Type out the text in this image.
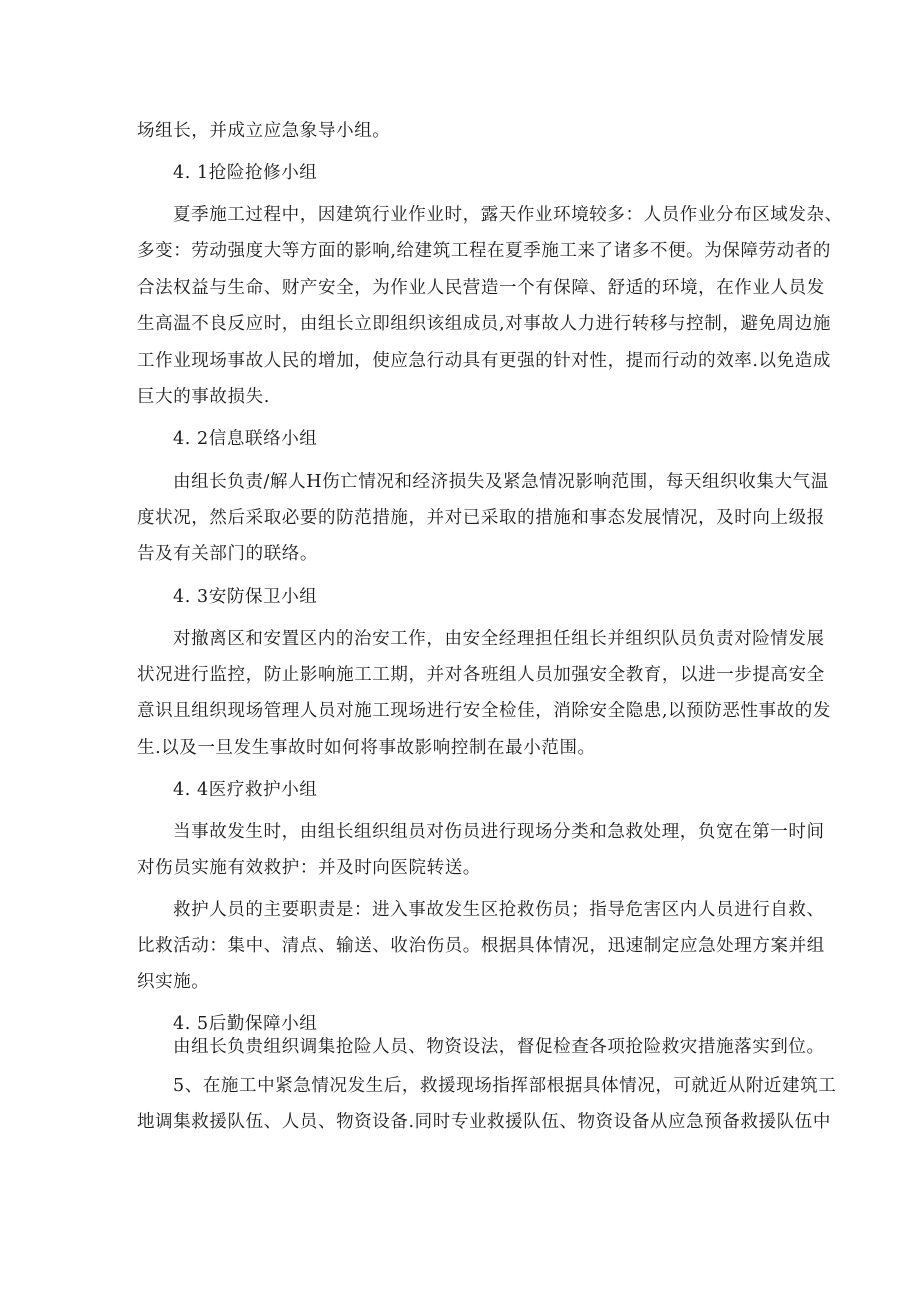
场组长，并成立应急象导小组。
4. 1抢险抢修小组
夏季施工过程中，因建筑行业作业时，露天作业环境较多：人员作业分布区域发杂、
多变：劳动强度大等方面的影响,给建筑工程在夏季施工来了诸多不便。为保障劳动者的
合法权益与生命、财产安全，为作业人民营造一个有保障、舒适的环境，在作业人员发
生高温不良反应时，由组长立即组织该组成员,对事故人力进行转移与控制，避免周边施
工作业现场事故人民的增加，使应急行动具有更强的针对性，提而行动的效率.以免造成
巨大的事故损失.
4. 2信息联络小组
由组长负责/解人H伤亡情况和经济损失及紧急情况影响范围，每天组织收集大气温
度状况，然后采取必要的防范措施，并对已采取的措施和事态发展情况，及时向上级报
告及有关部门的联络。
4. 3安防保卫小组
对撤离区和安置区内的治安工作，由安全经理担任组长并组织队员负责对险情发展
状况进行监控，防止影响施工工期，并对各班组人员加强安全教育，以进一步提高安全
意识且组织现场管理人员对施工现场进行安全检佳，消除安全隐患,以预防恶性事故的发
生.以及一旦发生事故时如何将事故影响控制在最小范围。
4. 4医疗救护小组
当事故发生时，由组长组织组员对伤员进行现场分类和急救处理，负宽在第一时间
对伤员实施有效救护：并及时向医院转送。
救护人员的主要职责是：进入事故发生区抢救伤员；指导危害区内人员进行自救、
比救活动：集中、清点、输送、收治伤员。根据具体情况，迅速制定应急处理方案并组
织实施。
4. 5后勤保障小组
由组长负贵组织调集抢险人员、物资设法，督促检查各项抢险救灾措施落实到位。
5、在施工中紧急情况发生后，救援现场指挥部根据具体情况，可就近从附近建筑工
地调集救援队伍、人员、物资设备.同时专业救援队伍、物资设备从应急预备救援队伍中
